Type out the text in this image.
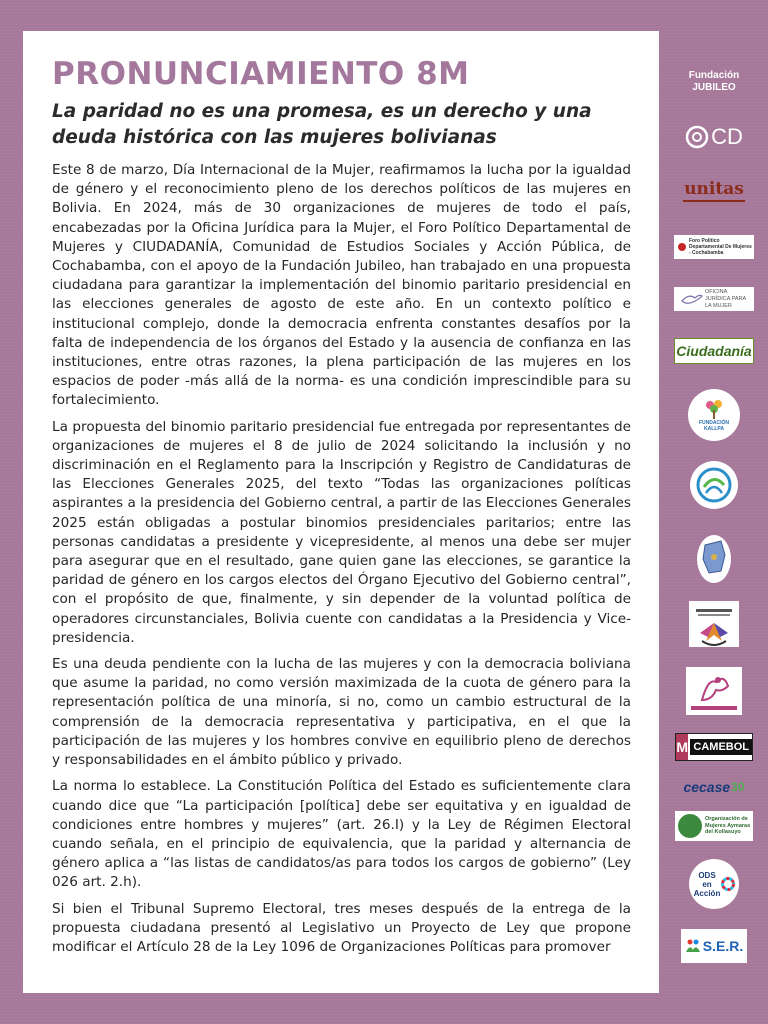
PRONUNCIAMIENTO 8M
La paridad no es una promesa, es un derecho y una deuda histórica con las mujeres bolivianas

Este 8 de marzo, Día Internacional de la Mujer, reafirmamos la lucha por la igualdad de género y el reconocimiento pleno de los derechos políticos de las mujeres en Bolivia. En 2024, más de 30 organizaciones de mujeres de todo el país, encabezadas por la Oficina Jurídica para la Mujer, el Foro Político Departamental de Mujeres y CIUDADANÍA, Comunidad de Estudios Sociales y Acción Pública, de Cochabamba, con el apoyo de la Fundación Jubileo, han trabajado en una propuesta ciudadana para garantizar la implementación del binomio paritario presidencial en las elecciones generales de agosto de este año. En un contexto político e institucional complejo, donde la democracia enfrenta constantes desafíos por la falta de independencia de los órganos del Estado y la ausencia de confianza en las instituciones, entre otras razones, la plena participación de las mujeres en los espacios de poder -más allá de la norma- es una condición imprescindible para su fortalecimiento.

La propuesta del binomio paritario presidencial fue entregada por representantes de organizaciones de mujeres el 8 de julio de 2024 solicitando la inclusión y no discriminación en el Reglamento para la Inscripción y Registro de Candidaturas de las Elecciones Generales 2025, del texto “Todas las organizaciones políticas aspirantes a la presidencia del Gobierno central, a partir de las Elecciones Generales 2025 están obligadas a postular binomios presidenciales paritarios; entre las personas candidatas a presidente y vicepresidente, al menos una debe ser mujer para asegurar que en el resultado, gane quien gane las elecciones, se garantice la paridad de género en los cargos electos del Órgano Ejecutivo del Gobierno central”, con el propósito de que, finalmente, y sin depender de la voluntad política de operadores circunstanciales, Bolivia cuente con candidatas a la Presidencia y Vice-presidencia.

Es una deuda pendiente con la lucha de las mujeres y con la democracia boliviana que asume la paridad, no como versión maximizada de la cuota de género para la representación política de una minoría, si no, como un cambio estructural de la comprensión de la democracia representativa y participativa, en el que la participación de las mujeres y los hombres convive en equilibrio pleno de derechos y responsabilidades en el ámbito público y privado.

La norma lo establece. La Constitución Política del Estado es suficientemente clara cuando dice que “La participación [política] debe ser equitativa y en igualdad de condiciones entre hombres y mujeres” (art. 26.I) y la Ley de Régimen Electoral cuando señala, en el principio de equivalencia, que la paridad y alternancia de género aplica a “las listas de candidatos/as para todos los cargos de gobierno” (Ley 026 art. 2.h).

Si bien el Tribunal Supremo Electoral, tres meses después de la entrega de la propuesta ciudadana presentó al Legislativo un Proyecto de Ley que propone modificar el Artículo 28 de la Ley 1096 de Organizaciones Políticas para promover

Fundación JUBILEO
CD
unitas
Foro Político Departamental De Mujeres - Cochabamba
OFICINA JURÍDICA PARA LA MUJER
Ciudadanía
FUNDACIÓN KALLPA
M CAMEBOL
cecase 30
Organización de Mujeres Aymaras del Kollasuyo
ODS en Acción
S.E.R.
